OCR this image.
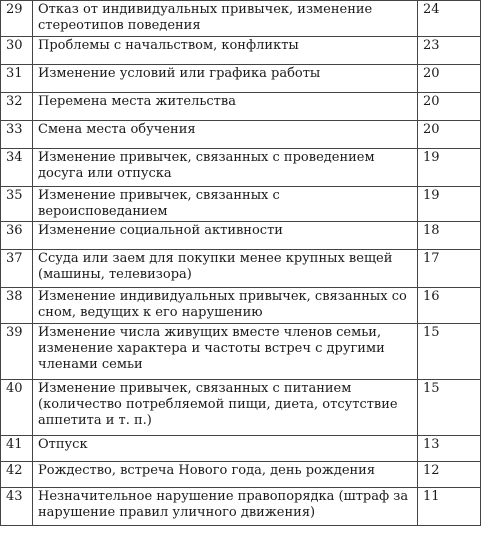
29	Отказ от индивидуальных привычек, изменение стереотипов поведения	24
30	Проблемы с начальством, конфликты	23
31	Изменение условий или графика работы	20
32	Перемена места жительства	20
33	Смена места обучения	20
34	Изменение привычек, связанных с проведением досуга или отпуска	19
35	Изменение привычек, связанных с вероисповеданием	19
36	Изменение социальной активности	18
37	Ссуда или заем для покупки менее крупных вещей (машины, телевизора)	17
38	Изменение индивидуальных привычек, связанных со сном, ведущих к его нарушению	16
39	Изменение числа живущих вместе членов семьи, изменение характера и частоты встреч с другими членами семьи	15
40	Изменение привычек, связанных с питанием (количество потребляемой пищи, диета, отсутствие аппетита и т. п.)	15
41	Отпуск	13
42	Рождество, встреча Нового года, день рождения	12
43	Незначительное нарушение правопорядка (штраф за нарушение правил уличного движения)	11
